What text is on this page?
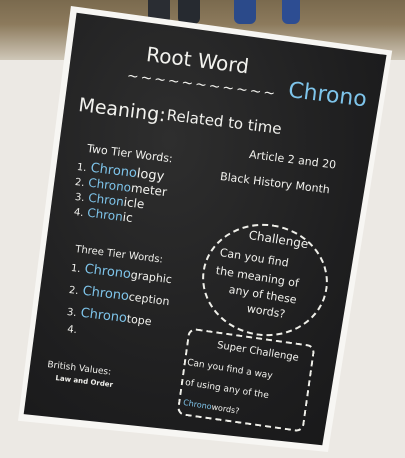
Root Word
~~~~~~~~~~~ Chrono
Meaning:
Related to time
Two Tier Words:
1. Chronology
2. Chronometer
3. Chronicle
4. Chronic
Article 2 and 20
Black History Month
Three Tier Words:
1. Chronographic
2. Chronoception
3. Chronotope
4.
Challenge
Can you find
the meaning of
any of these
words?
Super Challenge
Can you find a way
of using any of the
Chronowords?
British Values:
Law and Order
